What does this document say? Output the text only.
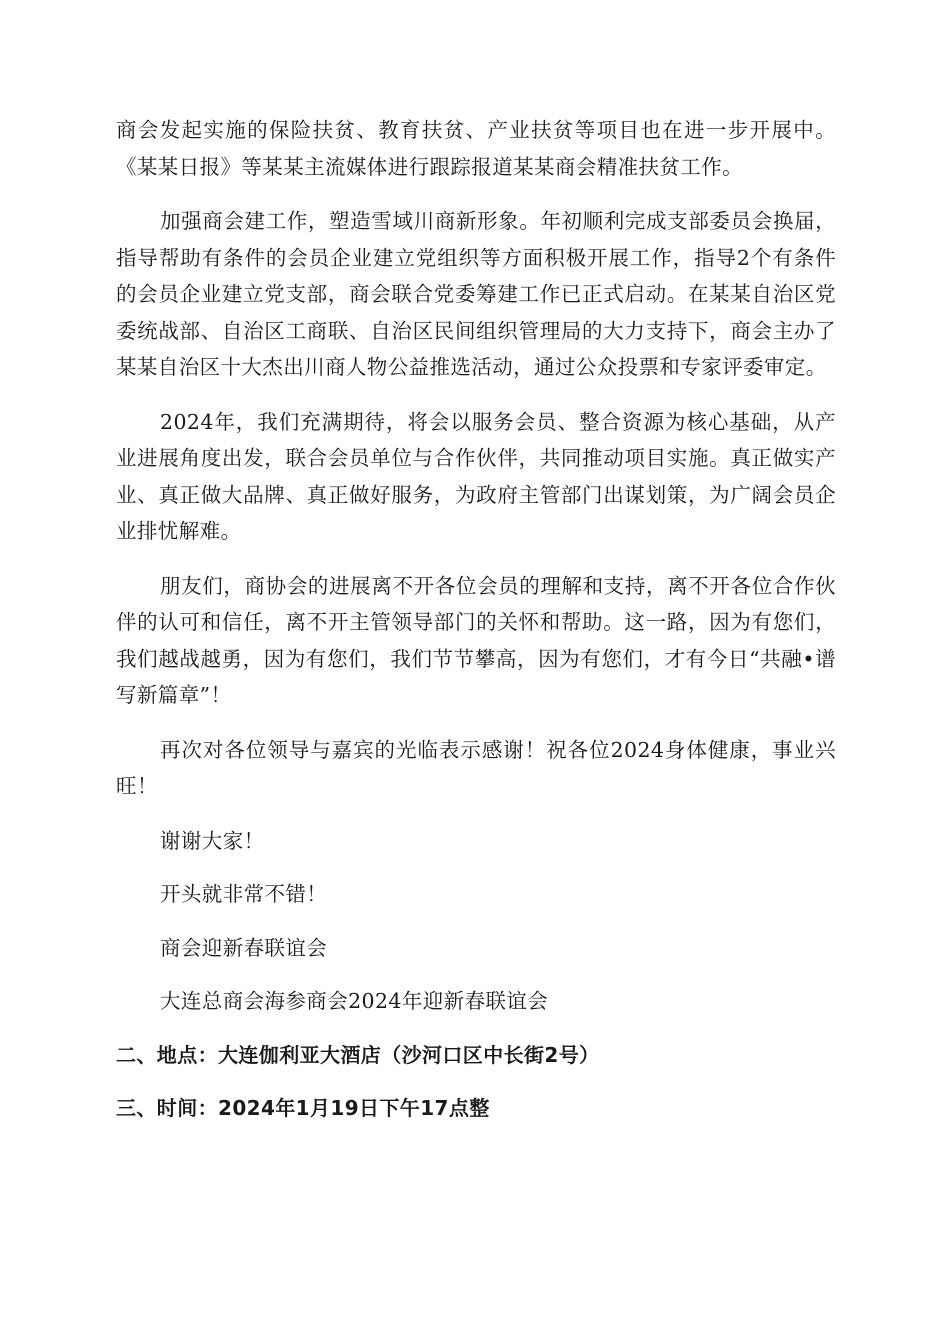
商会发起实施的保险扶贫、教育扶贫、产业扶贫等项目也在进一步开展中。《某某日报》等某某主流媒体进行跟踪报道某某商会精准扶贫工作。

加强商会建工作，塑造雪域川商新形象。年初顺利完成支部委员会换届，指导帮助有条件的会员企业建立党组织等方面积极开展工作，指导2个有条件的会员企业建立党支部，商会联合党委筹建工作已正式启动。在某某自治区党委统战部、自治区工商联、自治区民间组织管理局的大力支持下，商会主办了某某自治区十大杰出川商人物公益推选活动，通过公众投票和专家评委审定。

2024年，我们充满期待，将会以服务会员、整合资源为核心基础，从产业进展角度出发，联合会员单位与合作伙伴，共同推动项目实施。真正做实产业、真正做大品牌、真正做好服务，为政府主管部门出谋划策，为广阔会员企业排忧解难。

朋友们，商协会的进展离不开各位会员的理解和支持，离不开各位合作伙伴的认可和信任，离不开主管领导部门的关怀和帮助。这一路，因为有您们，我们越战越勇，因为有您们，我们节节攀高，因为有您们，才有今日“共融•谱写新篇章”！

再次对各位领导与嘉宾的光临表示感谢！祝各位2024身体健康，事业兴旺！

谢谢大家！

开头就非常不错！

商会迎新春联谊会

大连总商会海参商会2024年迎新春联谊会

二、地点：大连伽利亚大酒店（沙河口区中长街2号）

三、时间：2024年1月19日下午17点整
